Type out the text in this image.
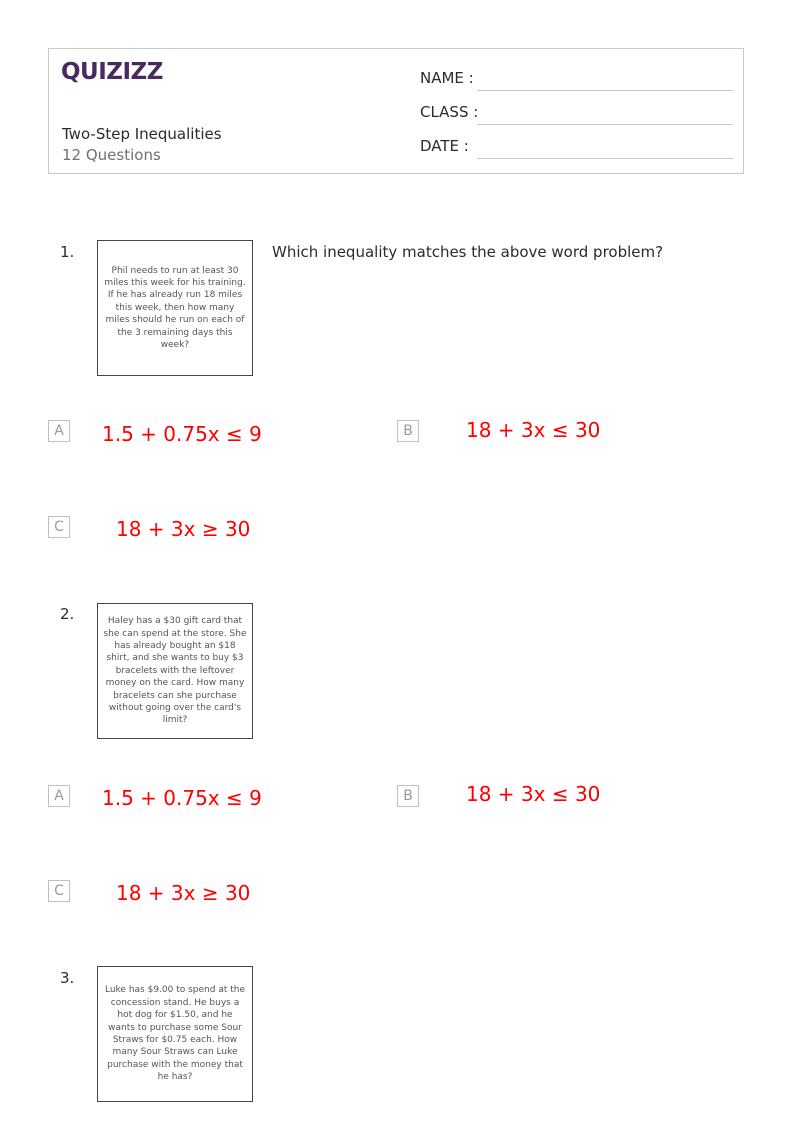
QUIZIZZ
Two-Step Inequalities
12 Questions
NAME :
CLASS :
DATE :
1.
Phil needs to run at least 30 miles this week for his training. If he has already run 18 miles this week, then how many miles should he run on each of the 3 remaining days this week?
Which inequality matches the above word problem?
A	1.5 + 0.75x ≤ 9	B	18 + 3x ≤ 30
C	18 + 3x ≥ 30
2.	Haley has a $30 gift card that she can spend at the store. She has already bought an $18 shirt, and she wants to buy $3 bracelets with the leftover money on the card. How many bracelets can she purchase without going over the card's limit?
A	1.5 + 0.75x ≤ 9	B	18 + 3x ≤ 30
C	18 + 3x ≥ 30
3.
Luke has $9.00 to spend at the concession stand. He buys a hot dog for $1.50, and he wants to purchase some Sour Straws for $0.75 each. How many Sour Straws can Luke purchase with the money that he has?
